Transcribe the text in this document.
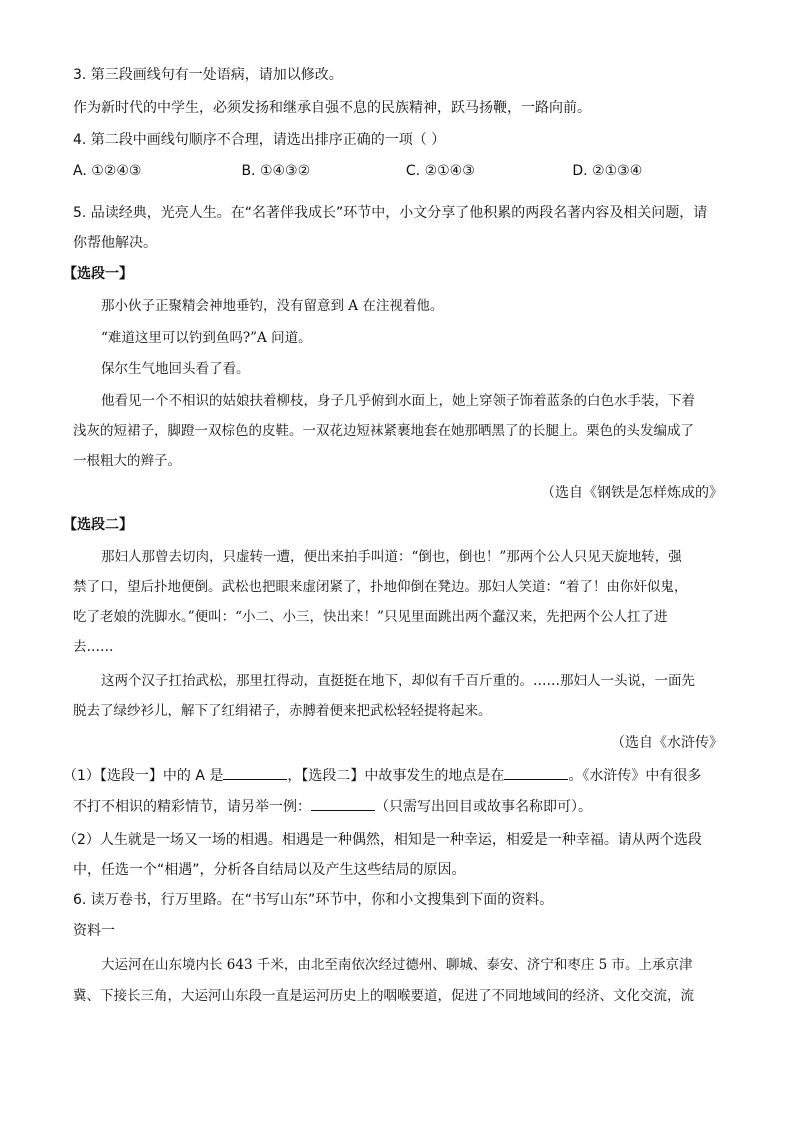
3. 第三段画线句有一处语病，请加以修改。
作为新时代的中学生，必须发扬和继承自强不息的民族精神，跃马扬鞭，一路向前。
4. 第二段中画线句顺序不合理，请选出排序正确的一项（ ）
A. ①②④③	B. ①④③②	C. ②①④③	D. ②①③④
5. 品读经典，光亮人生。在“名著伴我成长”环节中，小文分享了他积累的两段名著内容及相关问题，请
你帮他解决。
【选段一】
那小伙子正聚精会神地垂钓，没有留意到 A 在注视着他。
“难道这里可以钓到鱼吗?”A 问道。
保尔生气地回头看了看。
他看见一个不相识的姑娘扶着柳枝，身子几乎俯到水面上，她上穿领子饰着蓝条的白色水手装，下着
浅灰的短裙子，脚蹬一双棕色的皮鞋。一双花边短袜紧裹地套在她那晒黑了的长腿上。栗色的头发编成了
一根粗大的辫子。
（选自《钢铁是怎样炼成的》
【选段二】
那妇人那曾去切肉，只虚转一遭，便出来拍手叫道：“倒也，倒也！”那两个公人只见天旋地转，强
禁了口，望后扑地便倒。武松也把眼来虚闭紧了，扑地仰倒在凳边。那妇人笑道：“着了！由你奸似鬼，
吃了老娘的洗脚水。”便叫：“小二、小三，快出来！”只见里面跳出两个蠢汉来，先把两个公人扛了进
去……
这两个汉子扛抬武松，那里扛得动，直挺挺在地下，却似有千百斤重的。……那妇人一头说，一面先
脱去了绿纱衫儿，解下了红绢裙子，赤膊着便来把武松轻轻提将起来。
（选自《水浒传》
（1）【选段一】中的 A 是	，【选段二】中故事发生的地点是在	。《水浒传》中有很多
不打不相识的精彩情节，请另举一例：	（只需写出回目或故事名称即可）。
（2）人生就是一场又一场的相遇。相遇是一种偶然，相知是一种幸运，相爱是一种幸福。请从两个选段
中，任选一个“相遇”，分析各自结局以及产生这些结局的原因。
6. 读万卷书，行万里路。在“书写山东”环节中，你和小文搜集到下面的资料。
资料一
大运河在山东境内长 643 千米，由北至南依次经过德州、聊城、泰安、济宁和枣庄 5 市。上承京津
冀、下接长三角，大运河山东段一直是运河历史上的咽喉要道，促进了不同地域间的经济、文化交流，流
